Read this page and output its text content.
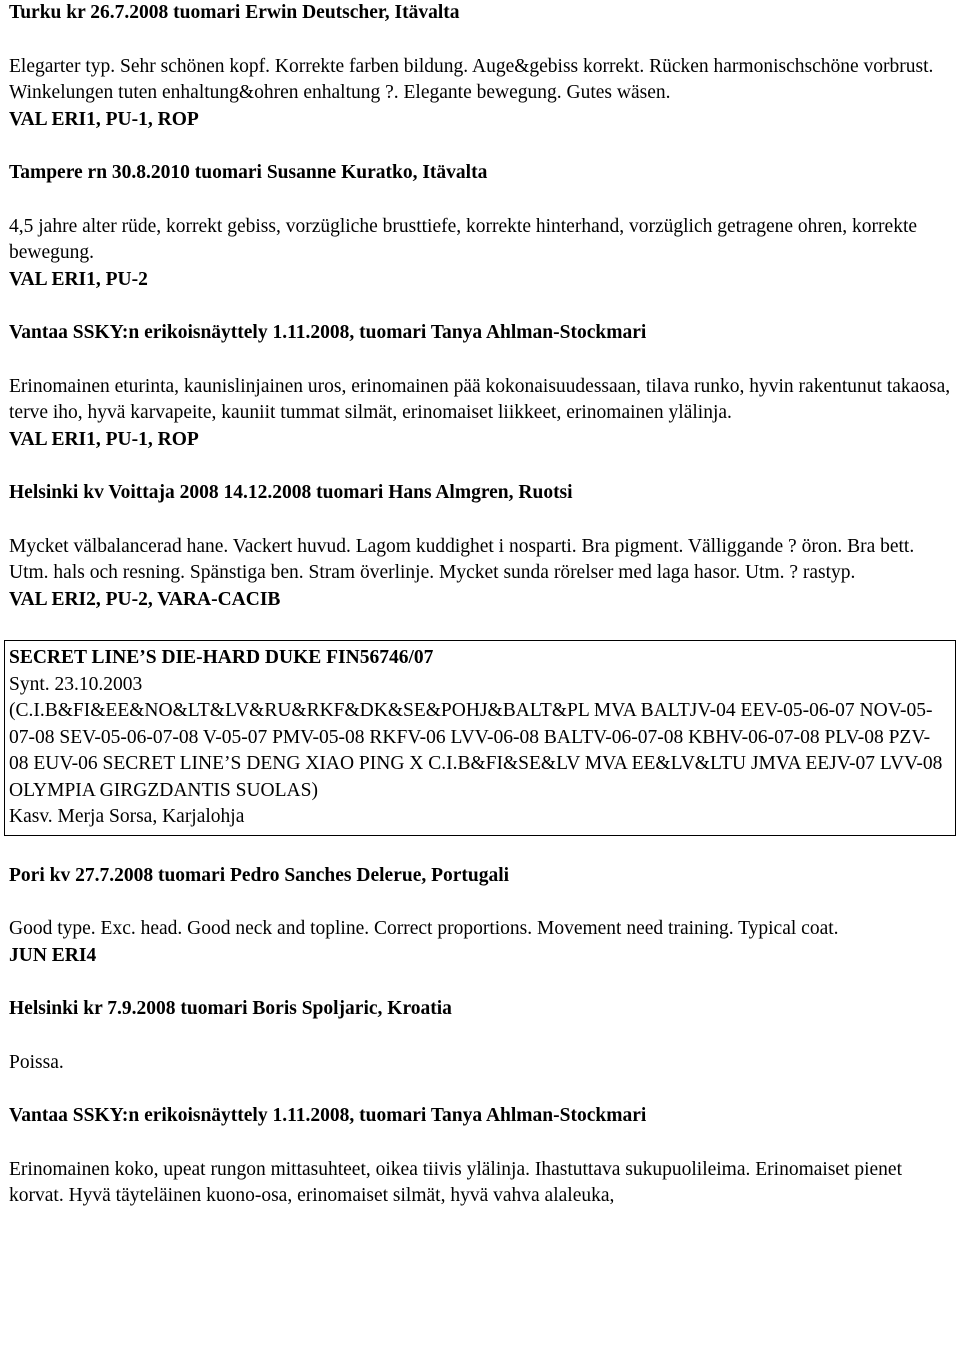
Turku kr 26.7.2008 tuomari Erwin Deutscher, Itävalta

Elegarter typ. Sehr schönen kopf. Korrekte farben bildung. Auge&gebiss korrekt. Rücken harmonischschöne vorbrust. Winkelungen tuten enhaltung&ohren enhaltung ?. Elegante bewegung. Gutes wäsen.

VAL ERI1, PU-1, ROP

Tampere rn 30.8.2010 tuomari Susanne Kuratko, Itävalta

4,5 jahre alter rüde, korrekt gebiss, vorzügliche brusttiefe, korrekte hinterhand, vorzüglich getragene ohren, korrekte bewegung.

VAL ERI1, PU-2

Vantaa SSKY:n erikoisnäyttely 1.11.2008, tuomari Tanya Ahlman-Stockmari

Erinomainen eturinta, kaunislinjainen uros, erinomainen pää kokonaisuudessaan, tilava runko, hyvin rakentunut takaosa, terve iho, hyvä karvapeite, kauniit tummat silmät, erinomaiset liikkeet, erinomainen ylälinja.

VAL ERI1, PU-1, ROP

Helsinki kv Voittaja 2008 14.12.2008 tuomari Hans Almgren, Ruotsi

Mycket välbalancerad hane. Vackert huvud. Lagom kuddighet i nosparti. Bra pigment. Välliggande ? öron. Bra bett. Utm. hals och resning. Spänstiga ben. Stram överlinje. Mycket sunda rörelser med laga hasor. Utm. ? rastyp.

VAL ERI2, PU-2, VARA-CACIB

SECRET LINE’S DIE-HARD DUKE FIN56746/07

Synt. 23.10.2003

(C.I.B&FI&EE&NO&LT&LV&RU&RKF&DK&SE&POHJ&BALT&PL MVA BALTJV-04 EEV-05-06-07 NOV-05-07-08 SEV-05-06-07-08 V-05-07 PMV-05-08 RKFV-06 LVV-06-08 BALTV-06-07-08 KBHV-06-07-08 PLV-08 PZV-08 EUV-06 SECRET LINE’S DENG XIAO PING X C.I.B&FI&SE&LV MVA EE&LV&LTU JMVA EEJV-07 LVV-08 OLYMPIA GIRGZDANTIS SUOLAS)

Kasv. Merja Sorsa, Karjalohja

Pori kv 27.7.2008 tuomari Pedro Sanches Delerue, Portugali

Good type. Exc. head. Good neck and topline. Correct proportions. Movement need training. Typical coat.

JUN ERI4

Helsinki kr 7.9.2008 tuomari Boris Spoljaric, Kroatia

Poissa.

Vantaa SSKY:n erikoisnäyttely 1.11.2008, tuomari Tanya Ahlman-Stockmari

Erinomainen koko, upeat rungon mittasuhteet, oikea tiivis ylälinja. Ihastuttava sukupuolileima. Erinomaiset pienet korvat. Hyvä täyteläinen kuono-osa, erinomaiset silmät, hyvä vahva alaleuka,
